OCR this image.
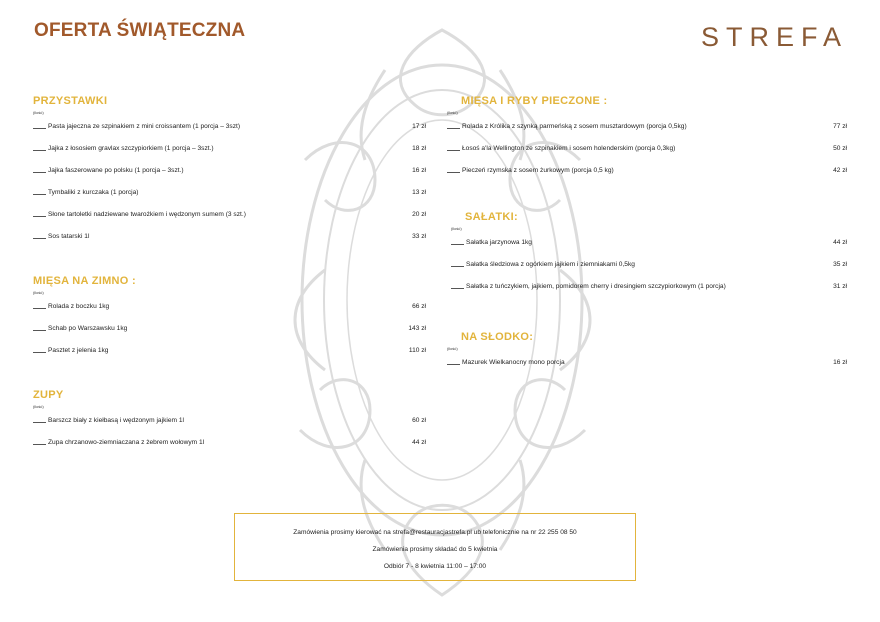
OFERTA ŚWIĄTECZNA	STREFA
PRZYSTAWKI
(ilość)
Pasta jajeczna ze szpinakiem z mini croissantem (1 porcja – 3szt)	17 zł
Jajka z łososiem gravlax szczypiorkiem (1 porcja – 3szt.)	18 zł
Jajka faszerowane po polsku (1 porcja – 3szt.)	16 zł
Tymbaliki z kurczaka (1 porcja)	13 zł
Słone tartoletki nadziewane twarożkiem i wędzonym sumem (3 szt.)	20 zł
Sos tatarski 1l	33 zł
MIĘSA NA ZIMNO :
(ilość)
Rolada z boczku 1kg	66 zł
Schab po Warszawsku 1kg	143 zł
Pasztet z jelenia 1kg	110 zł
ZUPY
(ilość)
Barszcz biały z kiełbasą i wędzonym jajkiem 1l	60 zł
Zupa chrzanowo-ziemniaczana z żebrem wołowym 1l	44 zł
MIĘSA I RYBY PIECZONE :
(ilość)
Rolada z Królika z szynką parmeńską z sosem musztardowym (porcja 0,5kg)	77 zł
Łosoś a'la Wellington ze szpinakiem i sosem holenderskim (porcja 0,3kg)	50 zł
Pieczeń rzymska z sosem żurkowym (porcja 0,5 kg)	42 zł
SAŁATKI:
(ilość)
Sałatka jarzynowa 1kg	44 zł
Sałatka śledziowa z ogórkiem jajkiem i ziemniakami 0,5kg	35 zł
Sałatka z tuńczykiem, jajkiem, pomidorem cherry i dresingiem szczypiorkowym (1 porcja)	31 zł
NA SŁODKO:
(ilość)
Mazurek Wielkanocny mono porcja	16 zł
Zamówienia prosimy kierować na strefa@restauracjastrefa.pl ub telefonicznie na nr 22 255 08 50
Zamówienia prosimy składać do 5 kwietnia
Odbiór 7 - 8 kwietnia 11:00 – 17:00
